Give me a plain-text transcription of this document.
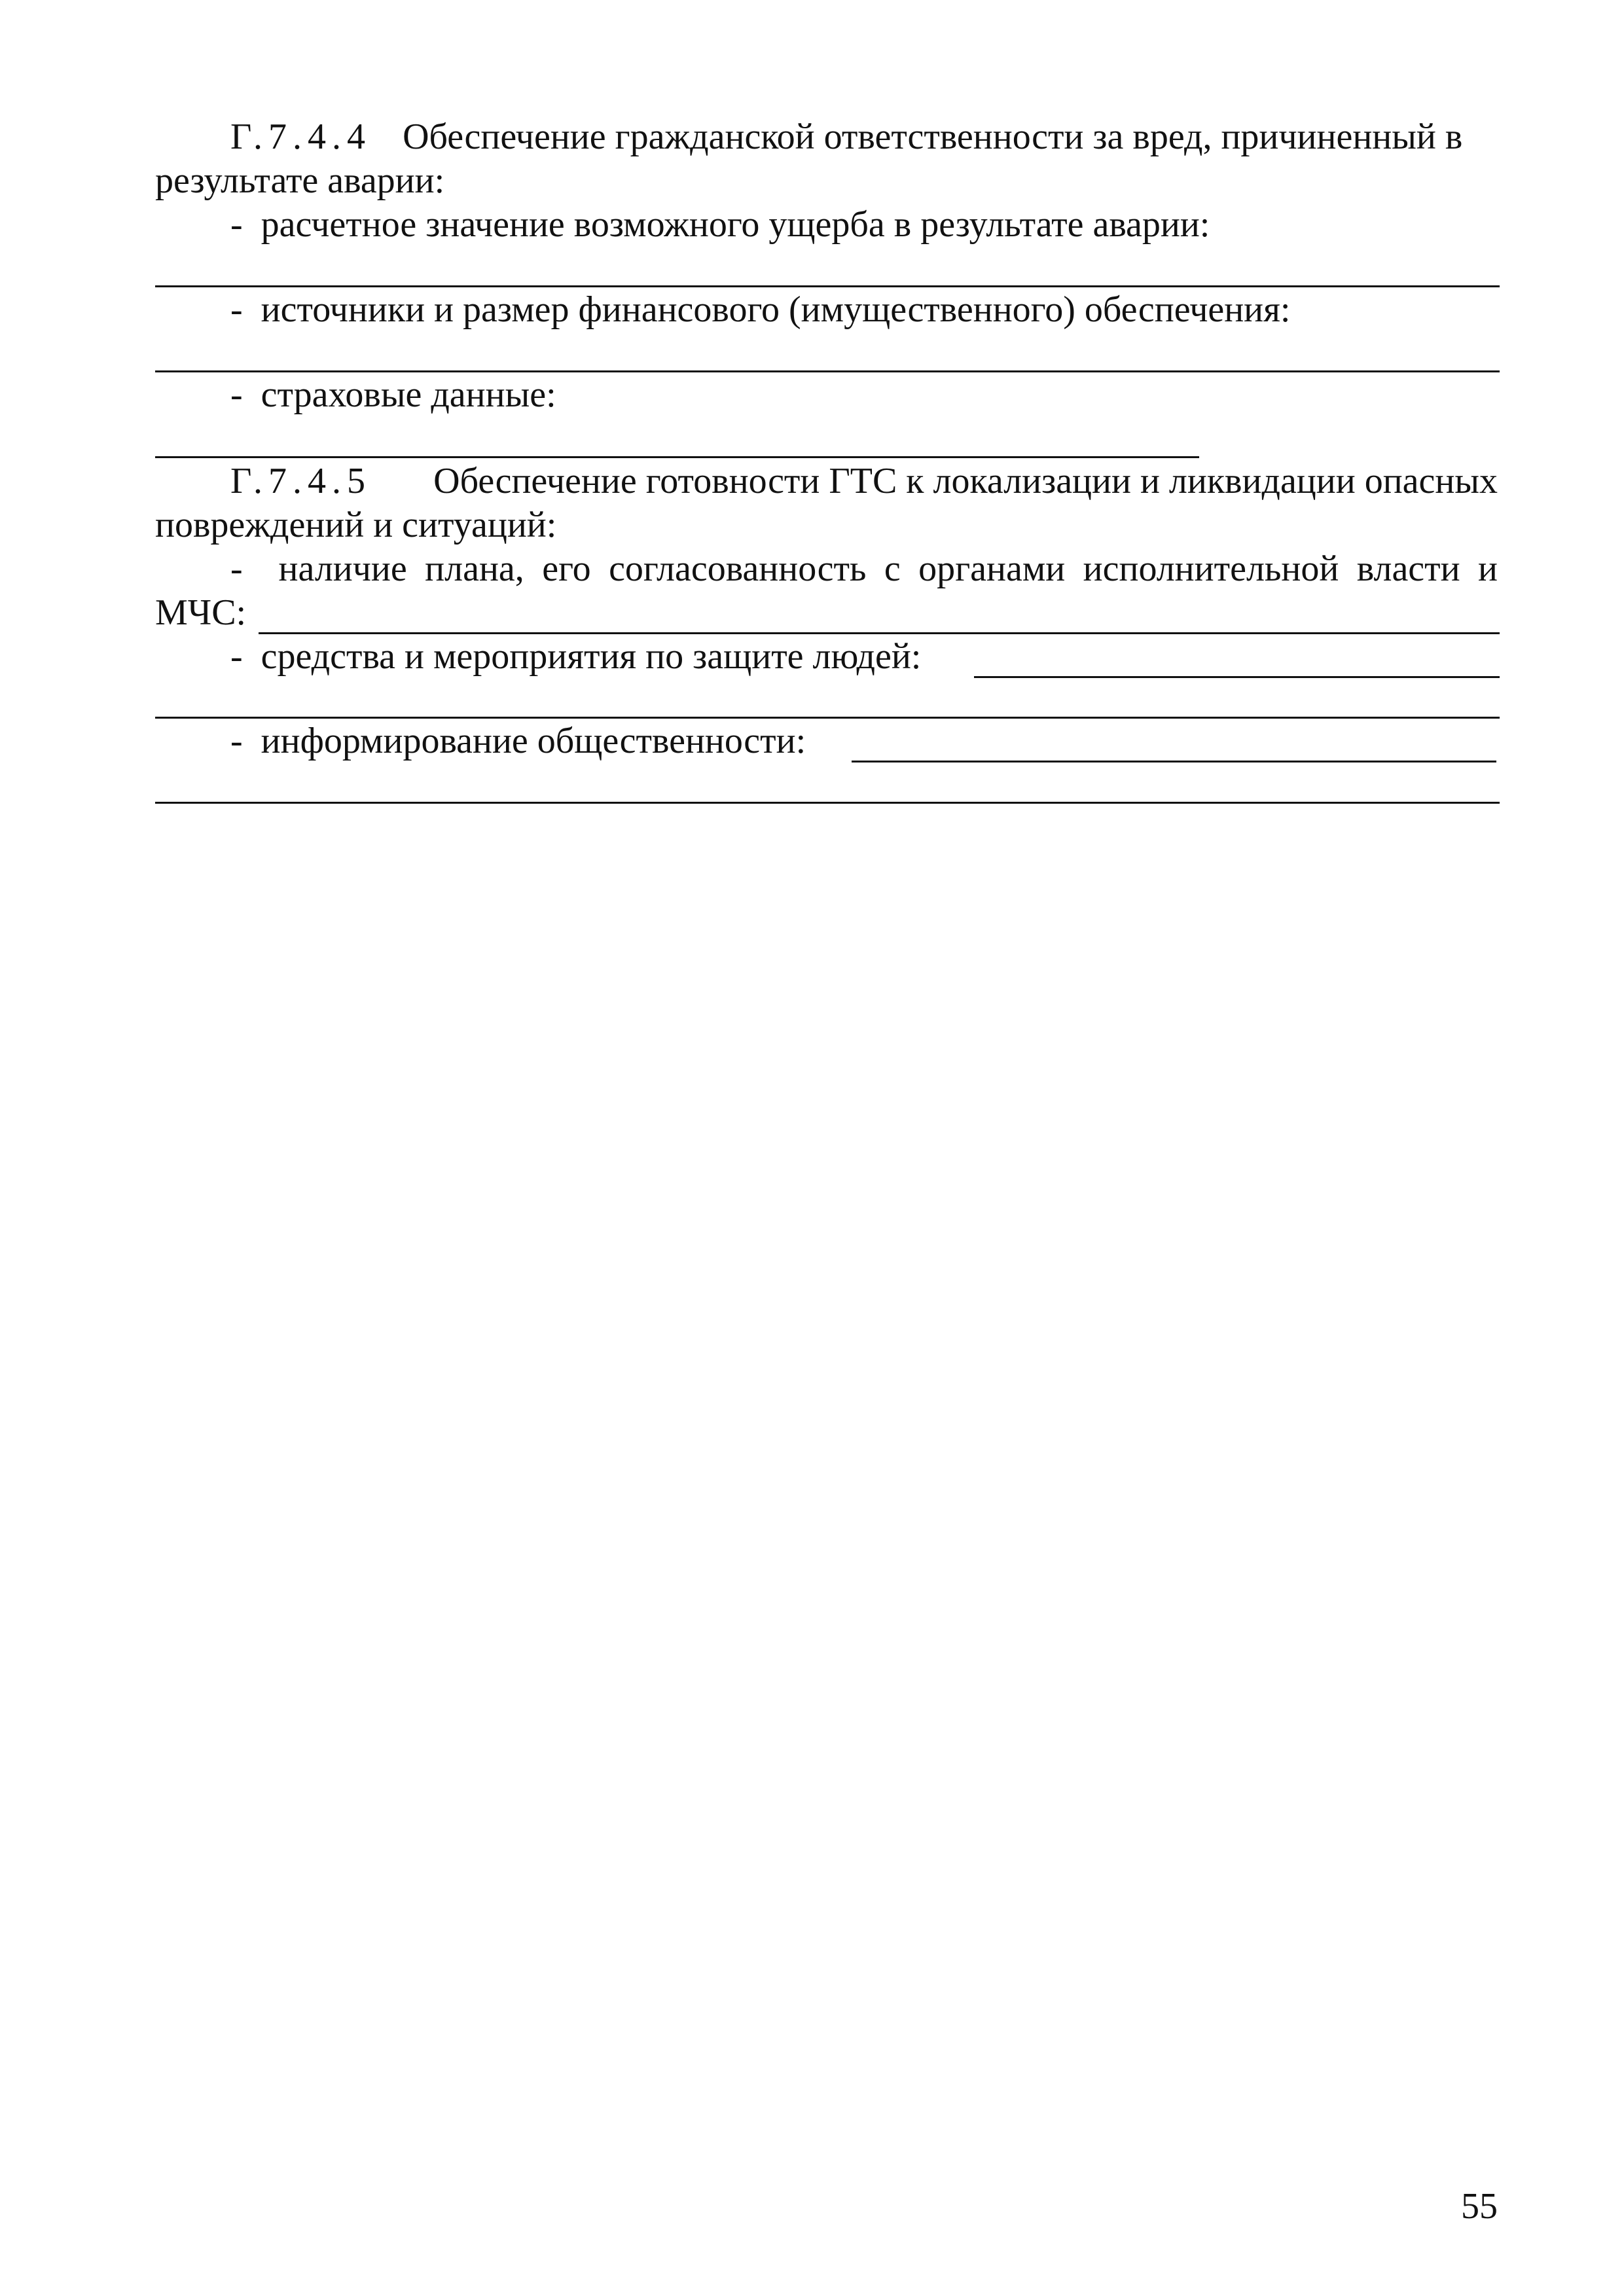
Г.7.4.4 Обеспечение гражданской ответственности за вред, причиненный в
результате аварии:
- расчетное значение возможного ущерба в результате аварии:
- источники и размер финансового (имущественного) обеспечения:
- страховые данные:
Г.7.4.5	Обеспечение готовности ГТС к локализации и ликвидации опасных
повреждений и ситуаций:
- наличие плана, его согласованность с органами исполнительной власти и
МЧС:
- средства и мероприятия по защите людей:
- информирование общественности:
55
